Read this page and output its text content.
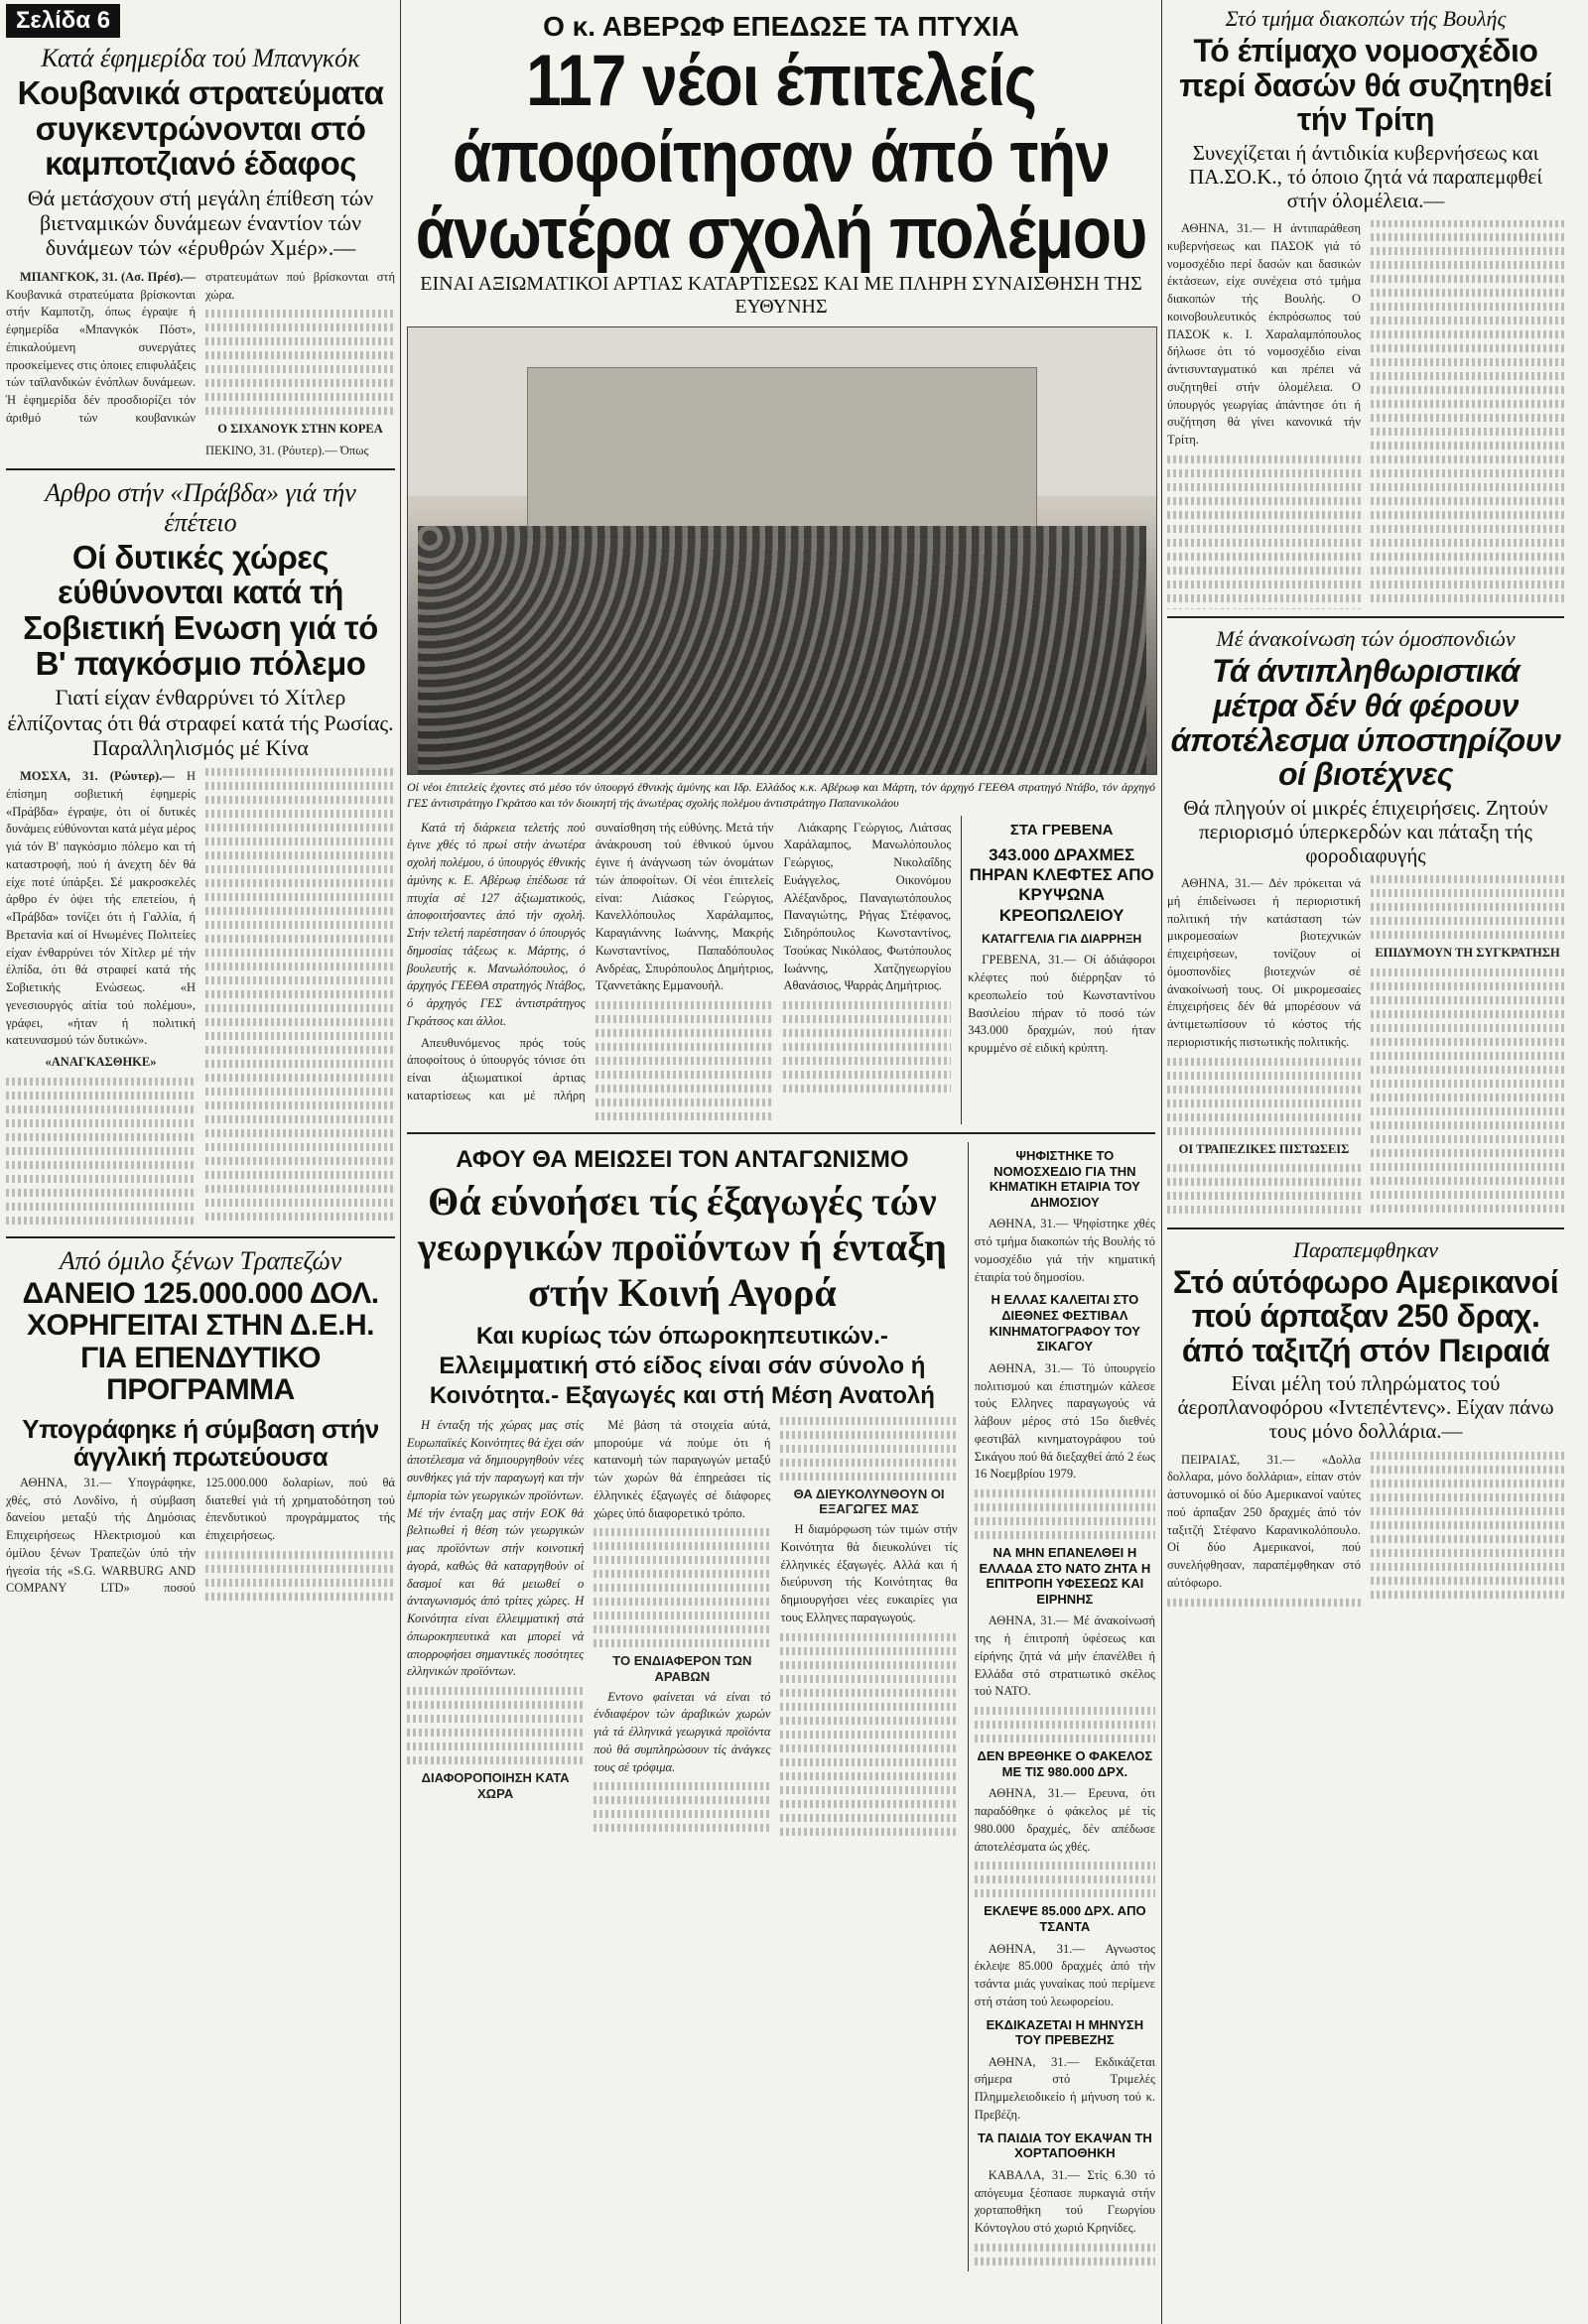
Σελίδα 6
Κατά έφημερίδα τού Μπανγκόκ
Κουβανικά στρατεύματα συγκεντρώνονται στό καμποτζιανό έδαφος
Θά μετάσχουν στή μεγάλη έπίθεση τών βιετναμικών δυνάμεων έναντίον τών δυνάμεων τών «έρυθρών Χμέρ».—

ΜΠΑΝΓΚΟΚ, 31. (Ασ. Πρέσ).— Κουβανικά στρατεύματα βρίσκονται στήν Καμποτζη, όπως έγραψε ή έφημερίδα «Μπανγκόκ Πόστ», έπικαλούμενη συνεργάτες προσκείμενες στις όποιες επιφυλάξεις τών ταϊλανδικών ένόπλων δυνάμεων. Ή έφημερίδα δέν προσδιορίζει τόν άριθμό τών κουβανικών στρατευμάτων πού βρίσκονται στή χώρα.

Ο ΣΙΧΑΝΟΥΚ ΣΤΗΝ ΚΟΡΕΑ

ΠΕΚΙΝΟ, 31. (Ρόυτερ).— Όπως

Αρθρο στήν «Πράβδα» γιά τήν έπέτειο
Οί δυτικές χώρες εύθύνονται κατά τή Σοβιετική Ενωση γιά τό Β' παγκόσμιο πόλεμο
Γιατί είχαν ένθαρρύνει τό Χίτλερ έλπίζοντας ότι θά στραφεί κατά τής Ρωσίας. Παραλληλισμός μέ Κίνα

ΜΟΣΧΑ, 31. (Ρώυτερ).— Η έπίσημη σοβιετική έφημερίς «Πράβδα» έγραψε, ότι οί δυτικές δυνάμεις εύθύνονται κατά μέγα μέρος γιά τόν Β' παγκόσμιο πόλεμο και τή καταστροφή, πού ή άνεχτη δέν θά είχε ποτέ ύπάρξει. Σέ μακροσκελές άρθρο έν όψει τής επετείου, ή «Πράβδα» τονίζει ότι ή Γαλλία, ή Βρετανία καί οί Ηνωμένες Πολιτείες είχαν ένθαρρύνει τόν Χίτλερ μέ τήν έλπίδα, ότι θά στραφεί κατά τής Σοβιετικής Ενώσεως. «Η γενεσιουργός αίτία τού πολέμου», γράφει, «ήταν ή πολιτική κατευνασμού τών δυτικών».

«ΑΝΑΓΚΑΣΘΗΚΕ»

Από όμιλο ξένων Τραπεζών
ΔΑΝΕΙΟ 125.000.000 ΔΟΛ. ΧΟΡΗΓΕΙΤΑΙ ΣΤΗΝ Δ.Ε.Η. ΓΙΑ ΕΠΕΝΔΥΤΙΚΟ ΠΡΟΓΡΑΜΜΑ
Υπογράφηκε ή σύμβαση στήν άγγλική πρωτεύουσα

ΑΘΗΝΑ, 31.— Υπογράφηκε, χθές, στό Λονδίνο, ή σύμβαση δανείου μεταξύ τής Δημόσιας Επιχειρήσεως Ηλεκτρισμού και όμίλου ξένων Τραπεζών ύπό τήν ήγεσία τής «S.G. WARBURG AND COMPANY LTD» ποσού 125.000.000 δολαρίων, πού θά διατεθεί γιά τή χρηματοδότηση τού έπενδυτικού προγράμματος τής έπιχειρήσεως.

Ο κ. ΑΒΕΡΩΦ ΕΠΕΔΩΣΕ ΤΑ ΠΤΥΧΙΑ
117 νέοι έπιτελείς άποφοίτησαν άπό τήν άνωτέρα σχολή πολέμου
ΕΙΝΑΙ ΑΞΙΩΜΑΤΙΚΟΙ ΑΡΤΙΑΣ ΚΑΤΑΡΤΙΣΕΩΣ ΚΑΙ ΜΕ ΠΛΗΡΗ ΣΥΝΑΙΣΘΗΣΗ ΤΗΣ ΕΥΘΥΝΗΣ
Οί νέοι έπιτελείς έχοντες στό μέσο τόν ύπουργό έθνικής άμύνης και Ιδρ. Ελλάδος κ.κ. Αβέρωφ και Μάρτη, τόν άρχηγό ΓΕΕΘΑ στρατηγό Ντάβο, τόν άρχηγό ΓΕΣ άντιστράτηγο Γκράτσο και τόν διοικητή τής άνωτέρας σχολής πολέμου άντιστράτηγο Παπανικολάου

Κατά τή διάρκεια τελετής πού έγινε χθές τό πρωί στήν άνωτέρα σχολή πολέμου, ό ύπουργός έθνικής άμύνης κ. Ε. Αβέρωφ έπέδωσε τά πτυχία σέ 127 άξιωματικούς, άποφοιτήσαντες άπό τήν σχολή. Στήν τελετή παρέστησαν ό ύπουργός δημοσίας τάξεως κ. Μάρτης, ό βουλευτής κ. Μανωλόπουλος, ό άρχηγός ΓΕΕΘΑ στρατηγός Ντάβος, ό άρχηγός ΓΕΣ άντιστράτηγος Γκράτσος και άλλοι.

Απευθυνόμενος πρός τούς άποφοίτους ό ύπουργός τόνισε ότι είναι άξιωματικοί άρτιας καταρτίσεως και μέ πλήρη συναίσθηση τής εύθύνης. Μετά τήν άνάκρουση τού έθνικού ύμνου έγινε ή άνάγνωση τών όνομάτων τών άποφοίτων. Οί νέοι έπιτελείς είναι: Λιάσκος Γεώργιος, Κανελλόπουλος Χαράλαμπος, Καραγιάννης Ιωάννης, Μακρής Κωνσταντίνος, Παπαδόπουλος Ανδρέας, Σπυρόπουλος Δημήτριος, Τζαννετάκης Εμμανουήλ.

Λιάκαρης Γεώργιος, Λιάτσας Χαράλαμπος, Μανωλόπουλος Γεώργιος, Νικολαΐδης Ευάγγελος, Οικονόμου Αλέξανδρος, Παναγιωτόπουλος Παναγιώτης, Ρήγας Στέφανος, Σιδηρόπουλος Κωνσταντίνος, Τσούκας Νικόλαος, Φωτόπουλος Ιωάννης, Χατζηγεωργίου Αθανάσιος, Ψαρράς Δημήτριος.

ΣΤΑ ΓΡΕΒΕΝΑ
343.000 ΔΡΑΧΜΕΣ ΠΗΡΑΝ ΚΛΕΦΤΕΣ ΑΠΟ ΚΡΥΨΩΝΑ ΚΡΕΟΠΩΛΕΙΟΥ
ΚΑΤΑΓΓΕΛΙΑ ΓΙΑ ΔΙΑΡΡΗΞΗ

ΓΡΕΒΕΝΑ, 31.— Οί άδιάφοροι κλέφτες πού διέρρηξαν τό κρεοπωλείο τού Κωνσταντίνου Βασιλείου πήραν τό ποσό τών 343.000 δραχμών, πού ήταν κρυμμένο σέ ειδική κρύπτη.

ΑΦΟΥ ΘΑ ΜΕΙΩΣΕΙ ΤΟΝ ΑΝΤΑΓΩΝΙΣΜΟ
Θά εύνοήσει τίς έξαγωγές τών γεωργικών προϊόντων ή ένταξη στήν Κοινή Αγορά
Και κυρίως τών όπωροκηπευτικών.- Ελλειμματική στό είδος είναι σάν σύνολο ή Κοινότητα.- Εξαγωγές και στή Μέση Ανατολή

Η ένταξη τής χώρας μας στίς Ευρωπαϊκές Κοινότητες θά έχει σάν άποτέλεσμα νά δημιουργηθούν νέες συνθήκες γιά τήν παραγωγή και τήν έμπορία τών γεωργικών προϊόντων. Μέ τήν ένταξη μας στήν ΕΟΚ θά βελτιωθεί ή θέση τών γεωργικών μας προϊόντων στήν κοινοτική άγορά, καθώς θά καταργηθούν οί δασμοί και θά μειωθεί ο άνταγωνισμός άπό τρίτες χώρες. Η Κοινότητα είναι έλλειμματική στά όπωροκηπευτικά και μπορεί νά απορροφήσει σημαντικές ποσότητες ελληνικών προϊόντων.

ΔΙΑΦΟΡΟΠΟΙΗΣΗ ΚΑΤΑ ΧΩΡΑ

Μέ βάση τά στοιχεία αύτά, μπορούμε νά πούμε ότι ή κατανομή τών παραγωγών μεταξύ τών χωρών θά έπηρεάσει τίς έλληνικές έξαγωγές σέ διάφορες χώρες ύπό διαφορετικό τρόπο.

ΤΟ ΕΝΔΙΑΦΕΡΟΝ ΤΩΝ ΑΡΑΒΩΝ

Εντονο φαίνεται νά είναι τό ένδιαφέρον τών άραβικών χωρών γιά τά έλληνικά γεωργικά προϊόντα πού θά συμπληρώσουν τίς άνάγκες τους σέ τρόφιμα.

ΘΑ ΔΙΕΥΚΟΛΥΝΘΟΥΝ ΟΙ ΕΞΑΓΩΓΕΣ ΜΑΣ

Η διαμόρφωση τών τιμών στήν Κοινότητα θά διευκολύνει τίς έλληνικές έξαγωγές. Αλλά και ή διεύρυνση τής Κοινότητας θα δημιουργήσει νέες ευκαιρίες για τους Ελληνες παραγωγούς.

ΨΗΦΙΣΤΗΚΕ ΤΟ ΝΟΜΟΣΧΕΔΙΟ ΓΙΑ ΤΗΝ ΚΗΜΑΤΙΚΗ ΕΤΑΙΡΙΑ ΤΟΥ ΔΗΜΟΣΙΟΥ

ΑΘΗΝΑ, 31.— Ψηφίστηκε χθές στό τμήμα διακοπών τής Βουλής τό νομοσχέδιο γιά τήν κηματική έταιρία τού δημοσίου.

Η ΕΛΛΑΣ ΚΑΛΕΙΤΑΙ ΣΤΟ ΔΙΕΘΝΕΣ ΦΕΣΤΙΒΑΛ ΚΙΝΗΜΑΤΟΓΡΑΦΟΥ ΤΟΥ ΣΙΚΑΓΟΥ

ΑΘΗΝΑ, 31.— Τό ύπουργείο πολιτισμού και έπιστημών κάλεσε τούς Ελληνες παραγωγούς νά λάβουν μέρος στό 15ο διεθνές φεστιβάλ κινηματογράφου τού Σικάγου πού θά διεξαχθεί άπό 2 έως 16 Νοεμβρίου 1979.

ΝΑ ΜΗΝ ΕΠΑΝΕΛΘΕΙ Η ΕΛΛΑΔΑ ΣΤΟ ΝΑΤΟ ΖΗΤΑ Η ΕΠΙΤΡΟΠΗ ΥΦΕΣΕΩΣ ΚΑΙ ΕΙΡΗΝΗΣ

ΑΘΗΝΑ, 31.— Μέ άνακοίνωσή της ή έπιτροπή ύφέσεως και είρήνης ζητά νά μήν έπανέλθει ή Ελλάδα στό στρατιωτικό σκέλος τού ΝΑΤΟ.

ΔΕΝ ΒΡΕΘΗΚΕ Ο ΦΑΚΕΛΟΣ ΜΕ ΤΙΣ 980.000 ΔΡΧ.

ΑΘΗΝΑ, 31.— Ερευνα, ότι παραδόθηκε ό φάκελος μέ τίς 980.000 δραχμές, δέν απέδωσε άποτελέσματα ώς χθές.

ΕΚΛΕΨΕ 85.000 ΔΡΧ. ΑΠΟ ΤΣΑΝΤΑ

ΑΘΗΝΑ, 31.— Αγνωστος έκλεψε 85.000 δραχμές άπό τήν τσάντα μιάς γυναίκας πού περίμενε στή στάση τού λεωφορείου.

ΕΚΔΙΚΑΖΕΤΑΙ Η ΜΗΝΥΣΗ ΤΟΥ ΠΡΕΒΕΖΗΣ

ΑΘΗΝΑ, 31.— Εκδικάζεται σήμερα στό Τριμελές Πλημμελειοδικείο ή μήνυση τού κ. Πρεβέζη.

ΤΑ ΠΑΙΔΙΑ ΤΟΥ ΕΚΑΨΑΝ ΤΗ ΧΟΡΤΑΠΟΘΗΚΗ

ΚΑΒΑΛΑ, 31.— Στίς 6.30 τό απόγευμα ξέσπασε πυρκαγιά στήν χορταποθήκη τού Γεωργίου Κόντογλου στό χωριό Κρηνίδες.

Στό τμήμα διακοπών τής Βουλής
Τό έπίμαχο νομοσχέδιο περί δασών θά συζητηθεί τήν Τρίτη
Συνεχίζεται ή άντιδικία κυβερνήσεως και ΠΑ.ΣΟ.Κ., τό όποιο ζητά νά παραπεμφθεί στήν όλομέλεια.—

ΑΘΗΝΑ, 31.— Η άντιπαράθεση κυβερνήσεως και ΠΑΣΟΚ γιά τό νομοσχέδιο περί δασών και δασικών έκτάσεων, είχε συνέχεια στό τμήμα διακοπών τής Βουλής. Ο κοινοβουλευτικός έκπρόσωπος τού ΠΑΣΟΚ κ. Ι. Χαραλαμπόπουλος δήλωσε ότι τό νομοσχέδιο είναι άντισυνταγματικό και πρέπει νά συζητηθεί στήν όλομέλεια. Ο ύπουργός γεωργίας άπάντησε ότι ή συζήτηση θά γίνει κανονικά τήν Τρίτη.

Μέ άνακοίνωση τών όμοσπονδιών
Τά άντιπληθωριστικά μέτρα δέν θά φέρουν άποτέλεσμα ύποστηρίζουν οί βιοτέχνες
Θά πληγούν οί μικρές έπιχειρήσεις. Ζητούν περιορισμό ύπερκερδών και πάταξη τής φοροδιαφυγής

ΑΘΗΝΑ, 31.— Δέν πρόκειται νά μή έπιδείνωσει ή περιοριστική πολιτική τήν κατάσταση τών μικρομεσαίων βιοτεχνικών έπιχειρήσεων, τονίζουν οί όμοσπονδίες βιοτεχνών σέ άνακοίνωσή τους. Οί μικρομεσαίες έπιχειρήσεις δέν θά μπορέσουν νά άντιμετωπίσουν τό κόστος τής περιοριστικής πιστωτικής πολιτικής.

ΟΙ ΤΡΑΠΕΖΙΚΕΣ ΠΙΣΤΩΣΕΙΣ

ΕΠΙΔΥΜΟΥΝ ΤΗ ΣΥΓΚΡΑΤΗΣΗ

Παραπεμφθηκαν
Στό αύτόφωρο Αμερικανοί πού άρπαξαν 250 δραχ. άπό ταξιτζή στόν Πειραιά
Είναι μέλη τού πληρώματος τού άεροπλανοφόρου «Ιντεπέντενς». Είχαν πάνω τους μόνο δολλάρια.—

ΠΕΙΡΑΙΑΣ, 31.— «Δολλα δολλαρα, μόνο δολλάρια», είπαν στόν άστυνομικό οί δύο Αμερικανοί ναύτες πού άρπαξαν 250 δραχμές άπό τόν ταξιτζή Στέφανο Καρανικολόπουλο. Οί δύο Αμερικανοί, πού συνελήφθησαν, παραπέμφθηκαν στό αύτόφωρο.
